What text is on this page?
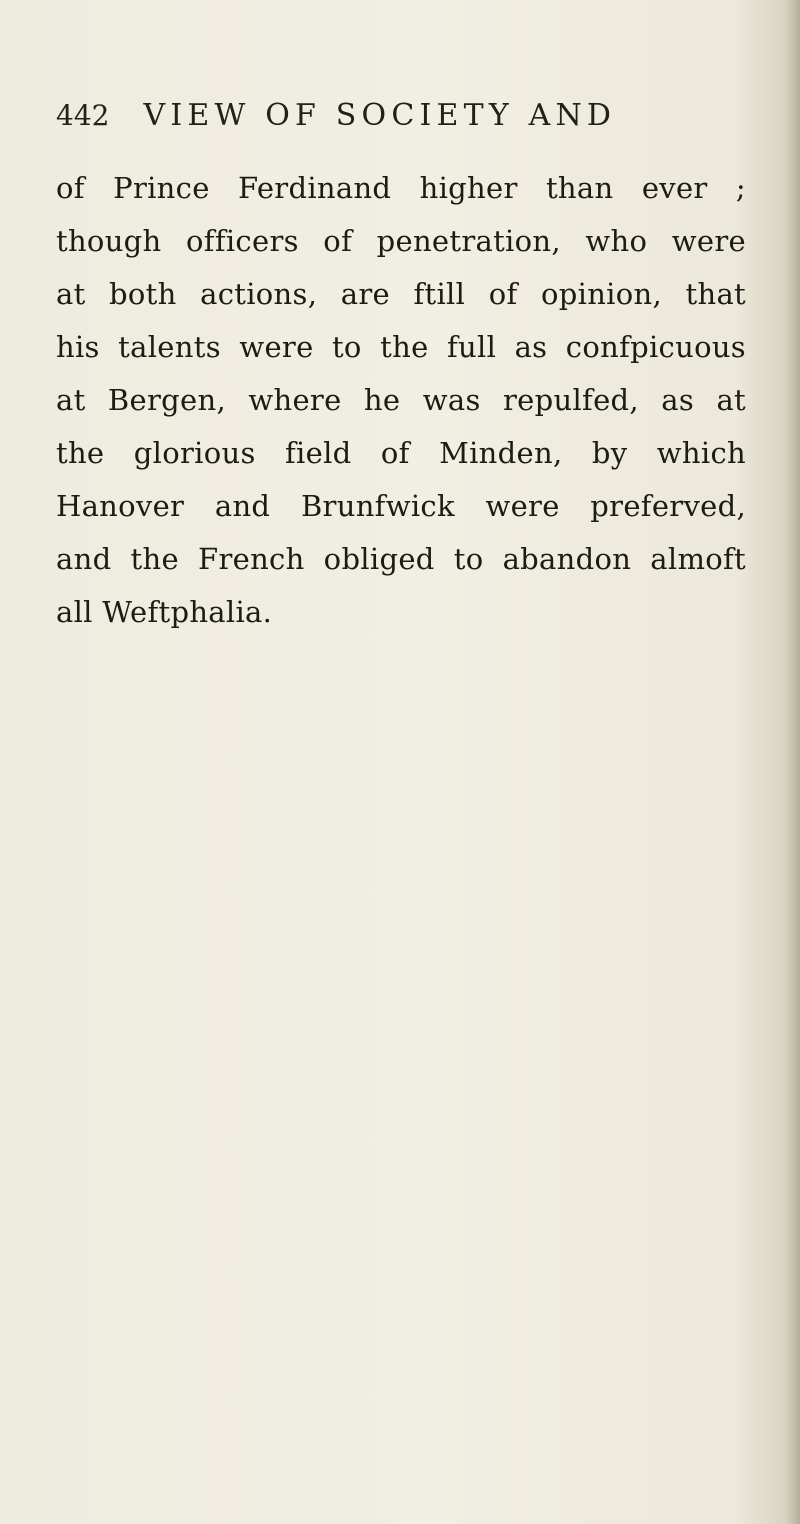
442 VIEW OF SOCIETY AND
of Prince Ferdinand higher than ever ;
though officers of penetration, who were
at both actions, are ftill of opinion, that
his talents were to the full as confpicuous
at Bergen, where he was repulfed, as at
the glorious field of Minden, by which
Hanover and Brunfwick were preferved,
and the French obliged to abandon almoft
all Weftphalia.
